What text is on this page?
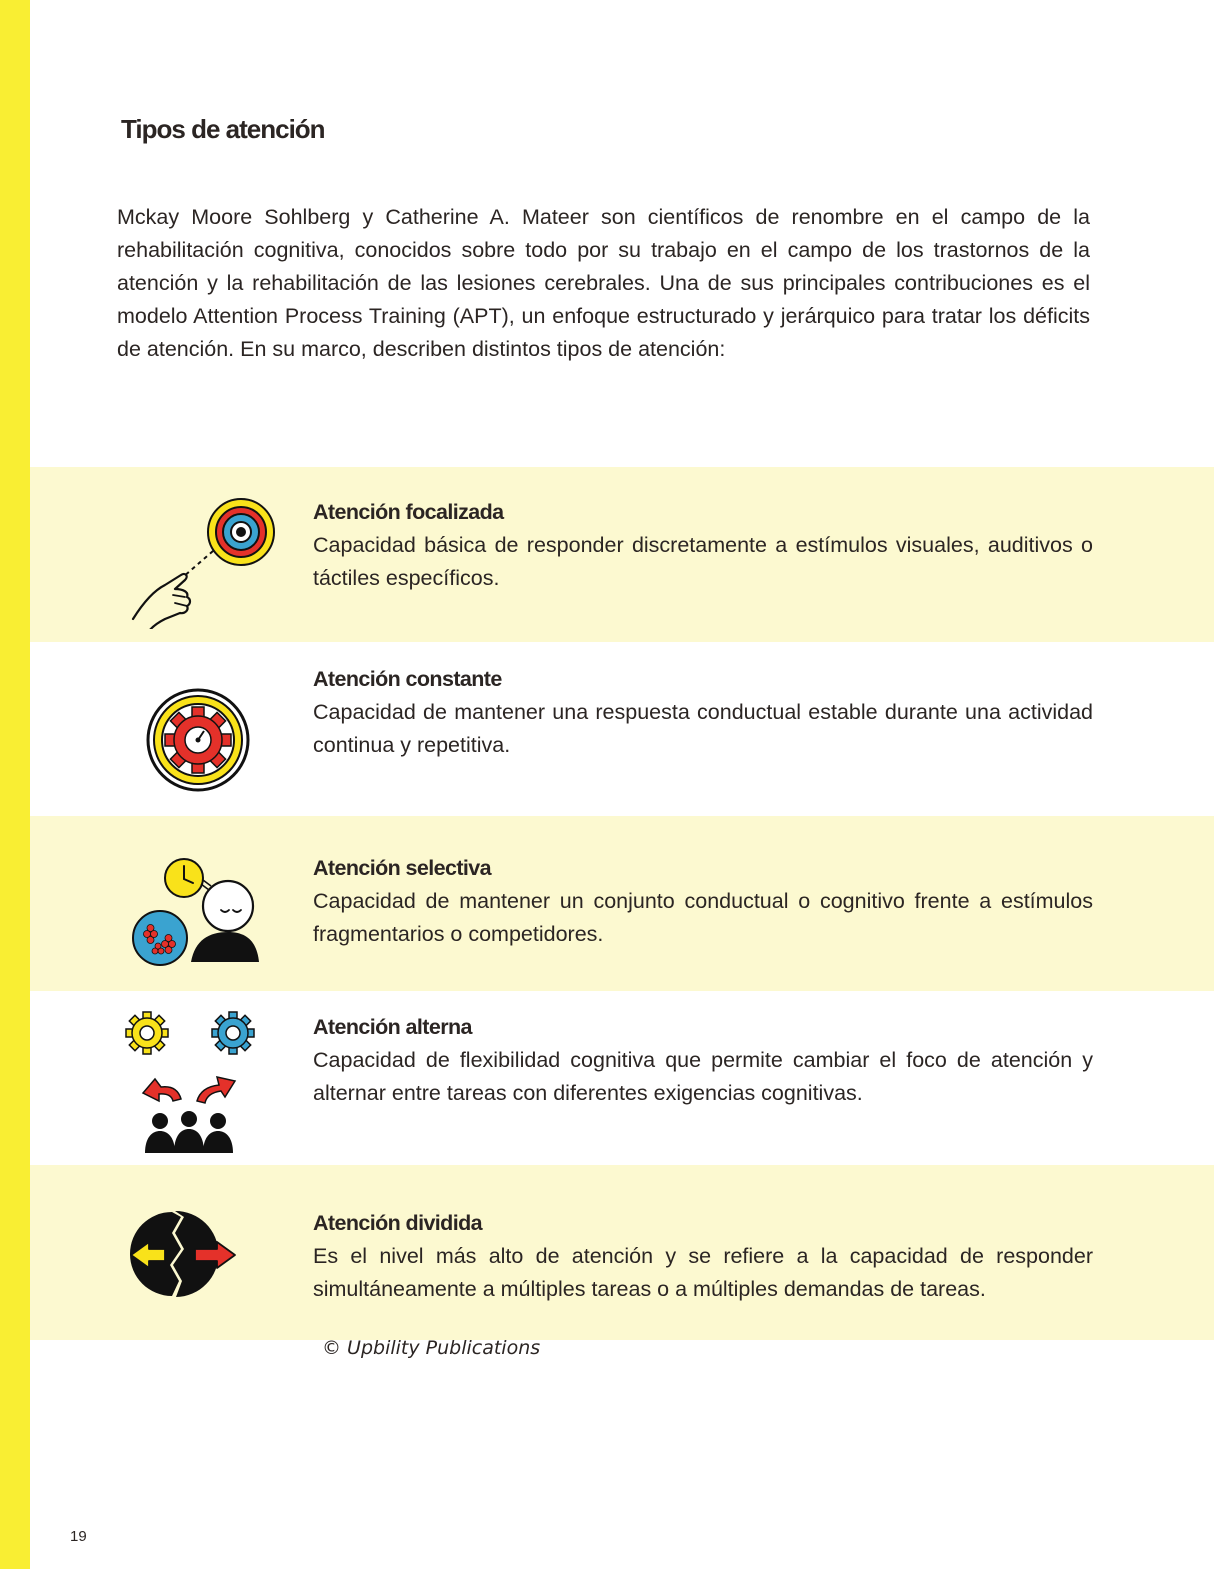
Tipos de atención

Mckay Moore Sohlberg y Catherine A. Mateer son científicos de renombre en el campo de la rehabilitación cognitiva, conocidos sobre todo por su trabajo en el campo de los trastornos de la atención y la rehabilitación de las lesiones cerebrales. Una de sus principales contribuciones es el modelo Attention Process Training (APT), un enfoque estructurado y jerárquico para tratar los déficits de atención. En su marco, describen distintos tipos de atención:

Atención focalizada

Capacidad básica de responder discretamente a estímulos visuales, auditivos o táctiles específicos.

Atención constante

Capacidad de mantener una respuesta conductual estable durante una actividad continua y repetitiva.

Atención selectiva

Capacidad de mantener un conjunto conductual o cognitivo frente a estímulos fragmentarios o competidores.

Atención alterna

Capacidad de flexibilidad cognitiva que permite cambiar el foco de atención y alternar entre tareas con diferentes exigencias cognitivas.

Atención dividida

Es el nivel más alto de atención y se refiere a la capacidad de responder simultáneamente a múltiples tareas o a múltiples demandas de tareas.

© Upbility Publications
19
